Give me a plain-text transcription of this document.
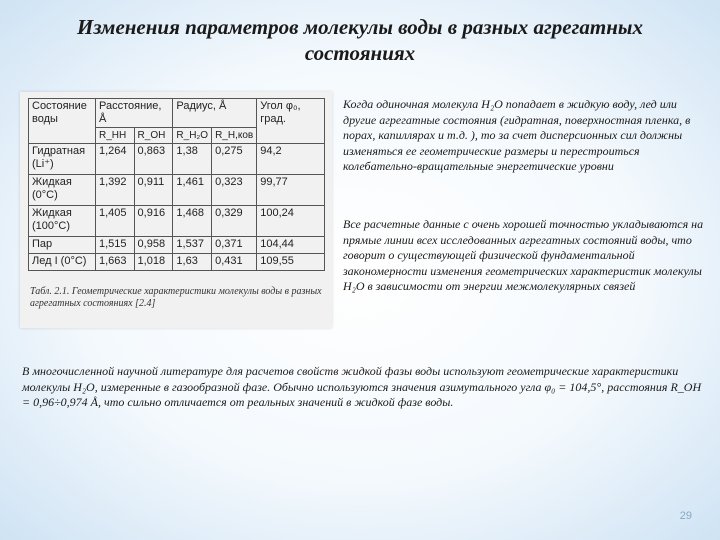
Изменения параметров молекулы воды в разных агрегатных состояниях
Состояние воды	Расстояние, Å		Радиус, Å		Угол φ₀, град.
	R_HH	R_OH	R_H₂O	R_H,ков	
Гидратная (Li⁺)	1,264	0,863	1,38	0,275	94,2
Жидкая (0°С)	1,392	0,911	1,461	0,323	99,77
Жидкая (100°С)	1,405	0,916	1,468	0,329	100,24
Пар	1,515	0,958	1,537	0,371	104,44
Лед I (0°С)	1,663	1,018	1,63	0,431	109,55
Табл. 2.1. Геометрические характеристики молекулы воды в разных агрегатных состояниях [2.4]
Когда одиночная молекула H₂O попадает в жидкую воду, лед или другие агрегатные состояния (гидратная, поверхностная пленка, в порах, капиллярах и т.д. ), то за счет дисперсионных сил должны изменяться ее геометрические размеры и перестроиться колебательно-вращательные энергетические уровни
Все расчетные данные с очень хорошей точностью укладываются на прямые линии всех исследованных агрегатных состояний воды, что говорит о существующей физической фундаментальной закономерности изменения геометрических характеристик молекулы H₂O в зависимости от энергии межмолекулярных связей
В многочисленной научной литературе для расчетов свойств жидкой фазы воды используют геометрические характеристики молекулы H₂O, измеренные в газообразной фазе. Обычно используются значения азимутального угла φ₀ = 104,5°, расстояния R_OH = 0,96÷0,974 Å, что сильно отличается от реальных значений в жидкой фазе воды.
29
